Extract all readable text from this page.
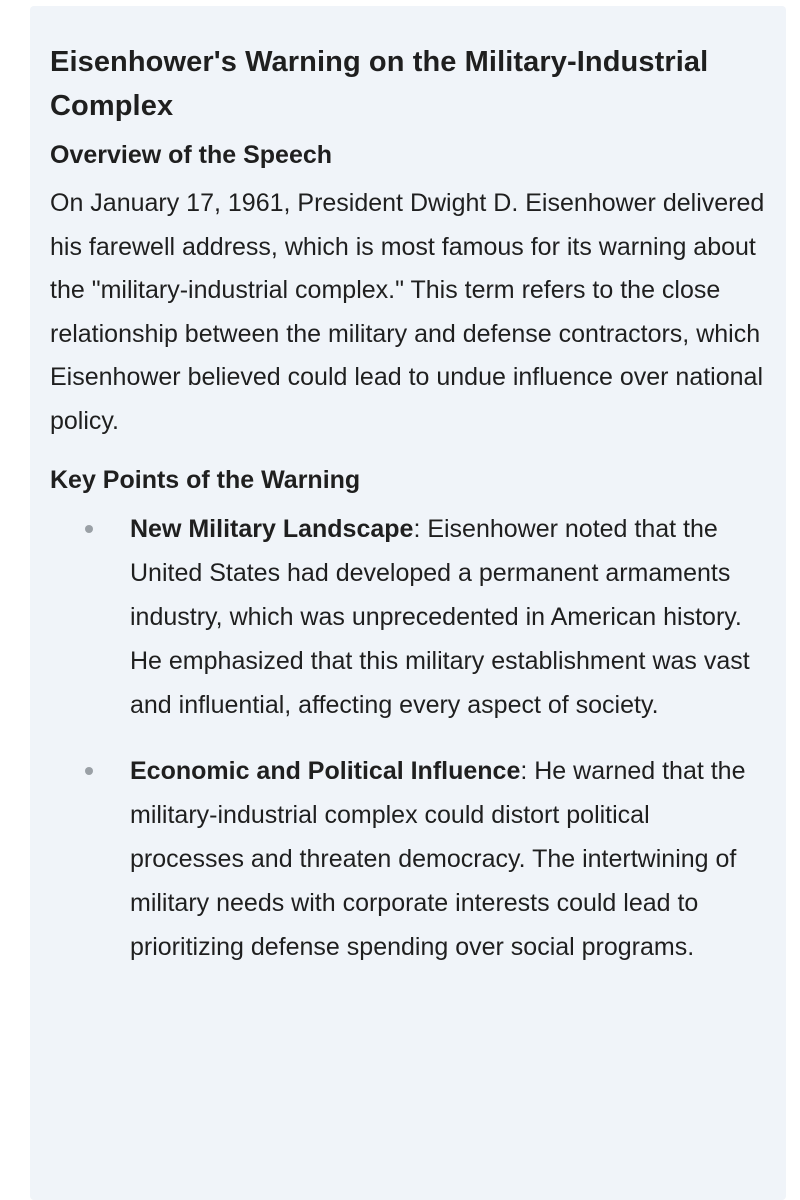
Eisenhower's Warning on the Military-Industrial Complex
Overview of the Speech

On January 17, 1961, President Dwight D. Eisenhower delivered his farewell address, which is most famous for its warning about the "military-industrial complex." This term refers to the close relationship between the military and defense contractors, which Eisenhower believed could lead to undue influence over national policy.

Key Points of the Warning
New Military Landscape: Eisenhower noted that the United States had developed a permanent armaments industry, which was unprecedented in American history. He emphasized that this military establishment was vast and influential, affecting every aspect of society.
Economic and Political Influence: He warned that the military-industrial complex could distort political processes and threaten democracy. The intertwining of military needs with corporate interests could lead to prioritizing defense spending over social programs.
